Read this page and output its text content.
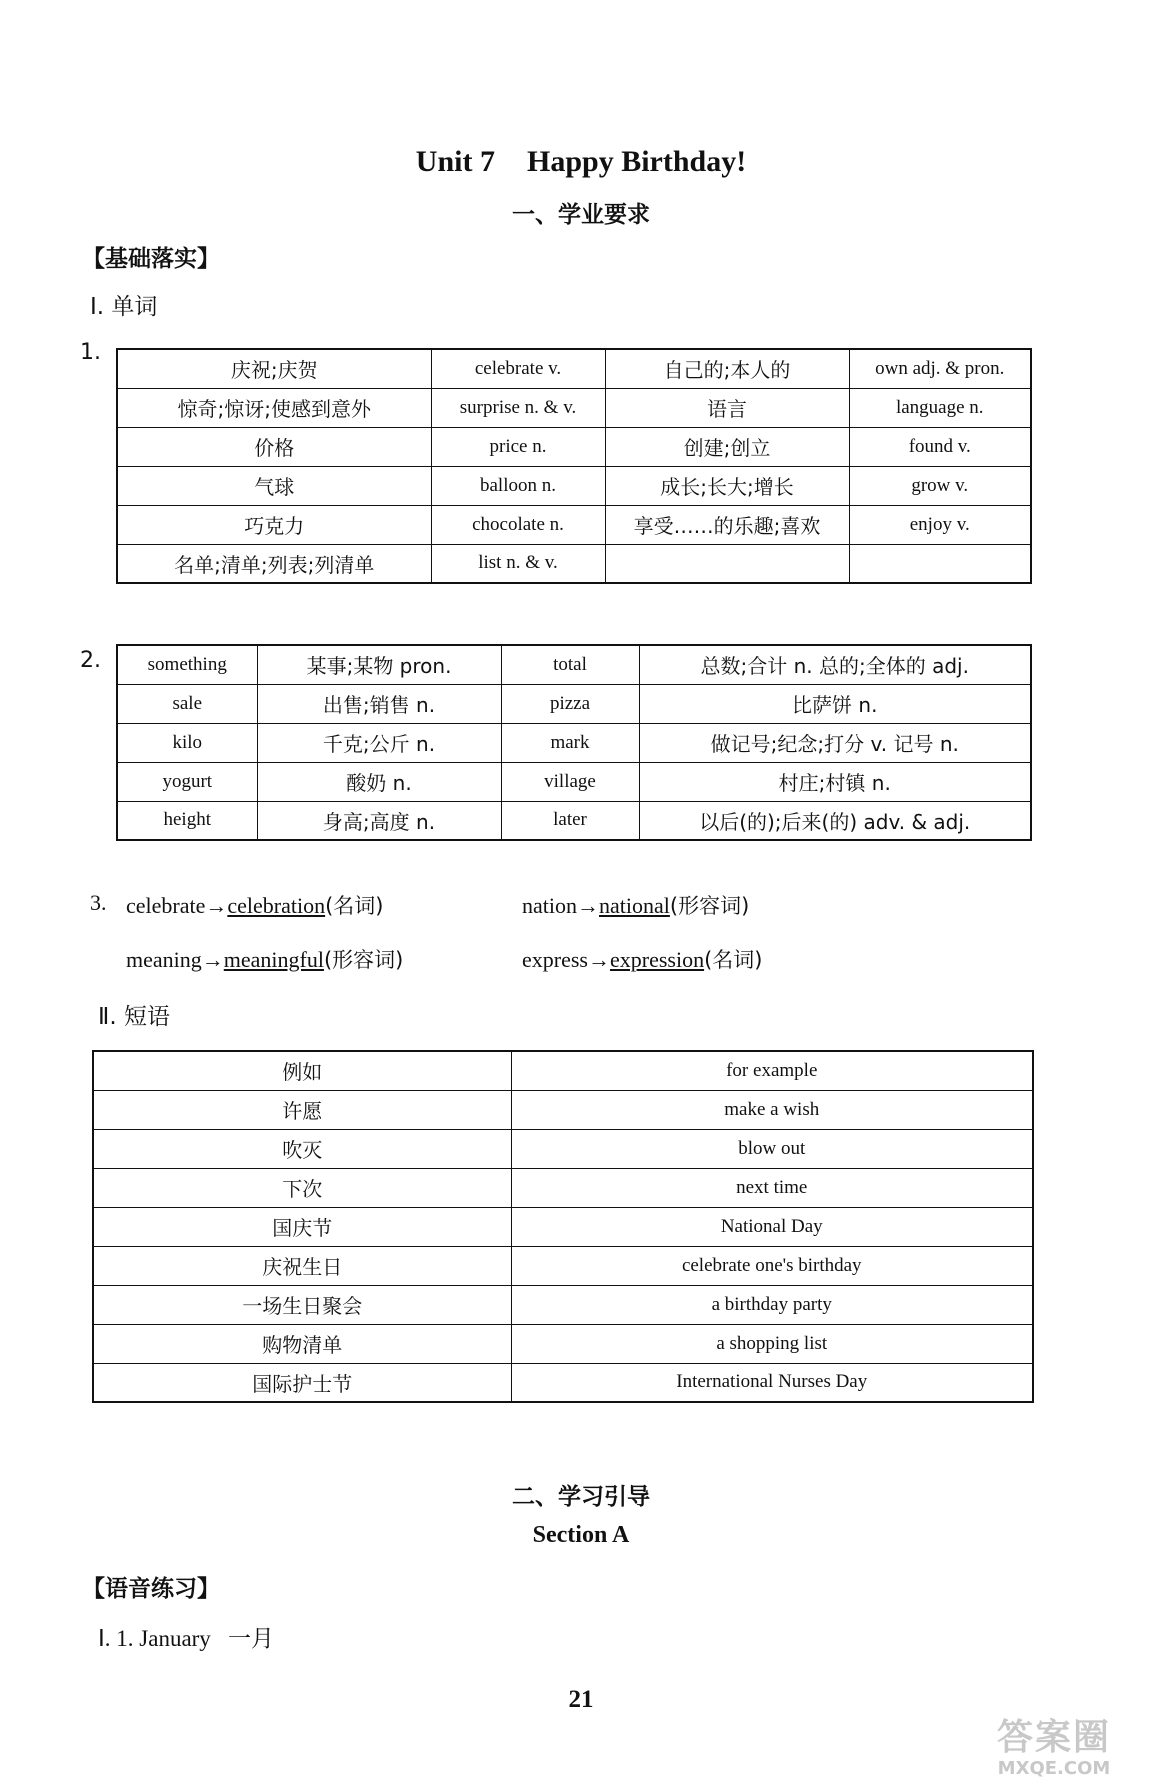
Unit 7 Happy Birthday!
一、学业要求
【基础落实】
Ⅰ. 单词
1.
庆祝;庆贺	celebrate v.	自己的;本人的	own adj. & pron.
惊奇;惊讶;使感到意外	surprise n. & v.	语言	language n.
价格	price n.	创建;创立	found v.
气球	balloon n.	成长;长大;增长	grow v.
巧克力	chocolate n.	享受……的乐趣;喜欢	enjoy v.
名单;清单;列表;列清单	list n. & v.		
2. something	某事;某物 pron.	total	总数;合计 n. 总的;全体的 adj.
sale	出售;销售 n.	pizza	比萨饼 n.
kilo	千克;公斤 n.	mark	做记号;纪念;打分 v. 记号 n.
yogurt	酸奶 n.	village	村庄;村镇 n.
height	身高;高度 n.	later	以后(的);后来(的) adv. & adj.
3. celebrate→celebration(名词)	nation→national(形容词)
meaning→meaningful(形容词)	express→expression(名词)
Ⅱ. 短语
例如	for example
许愿	make a wish
吹灭	blow out
下次	next time
国庆节	National Day
庆祝生日	celebrate one's birthday
一场生日聚会	a birthday party
购物清单	a shopping list
国际护士节	International Nurses Day
二、学习引导
Section A
【语音练习】
Ⅰ. 1. January   一月
21
答案圈
MXQE.COM
